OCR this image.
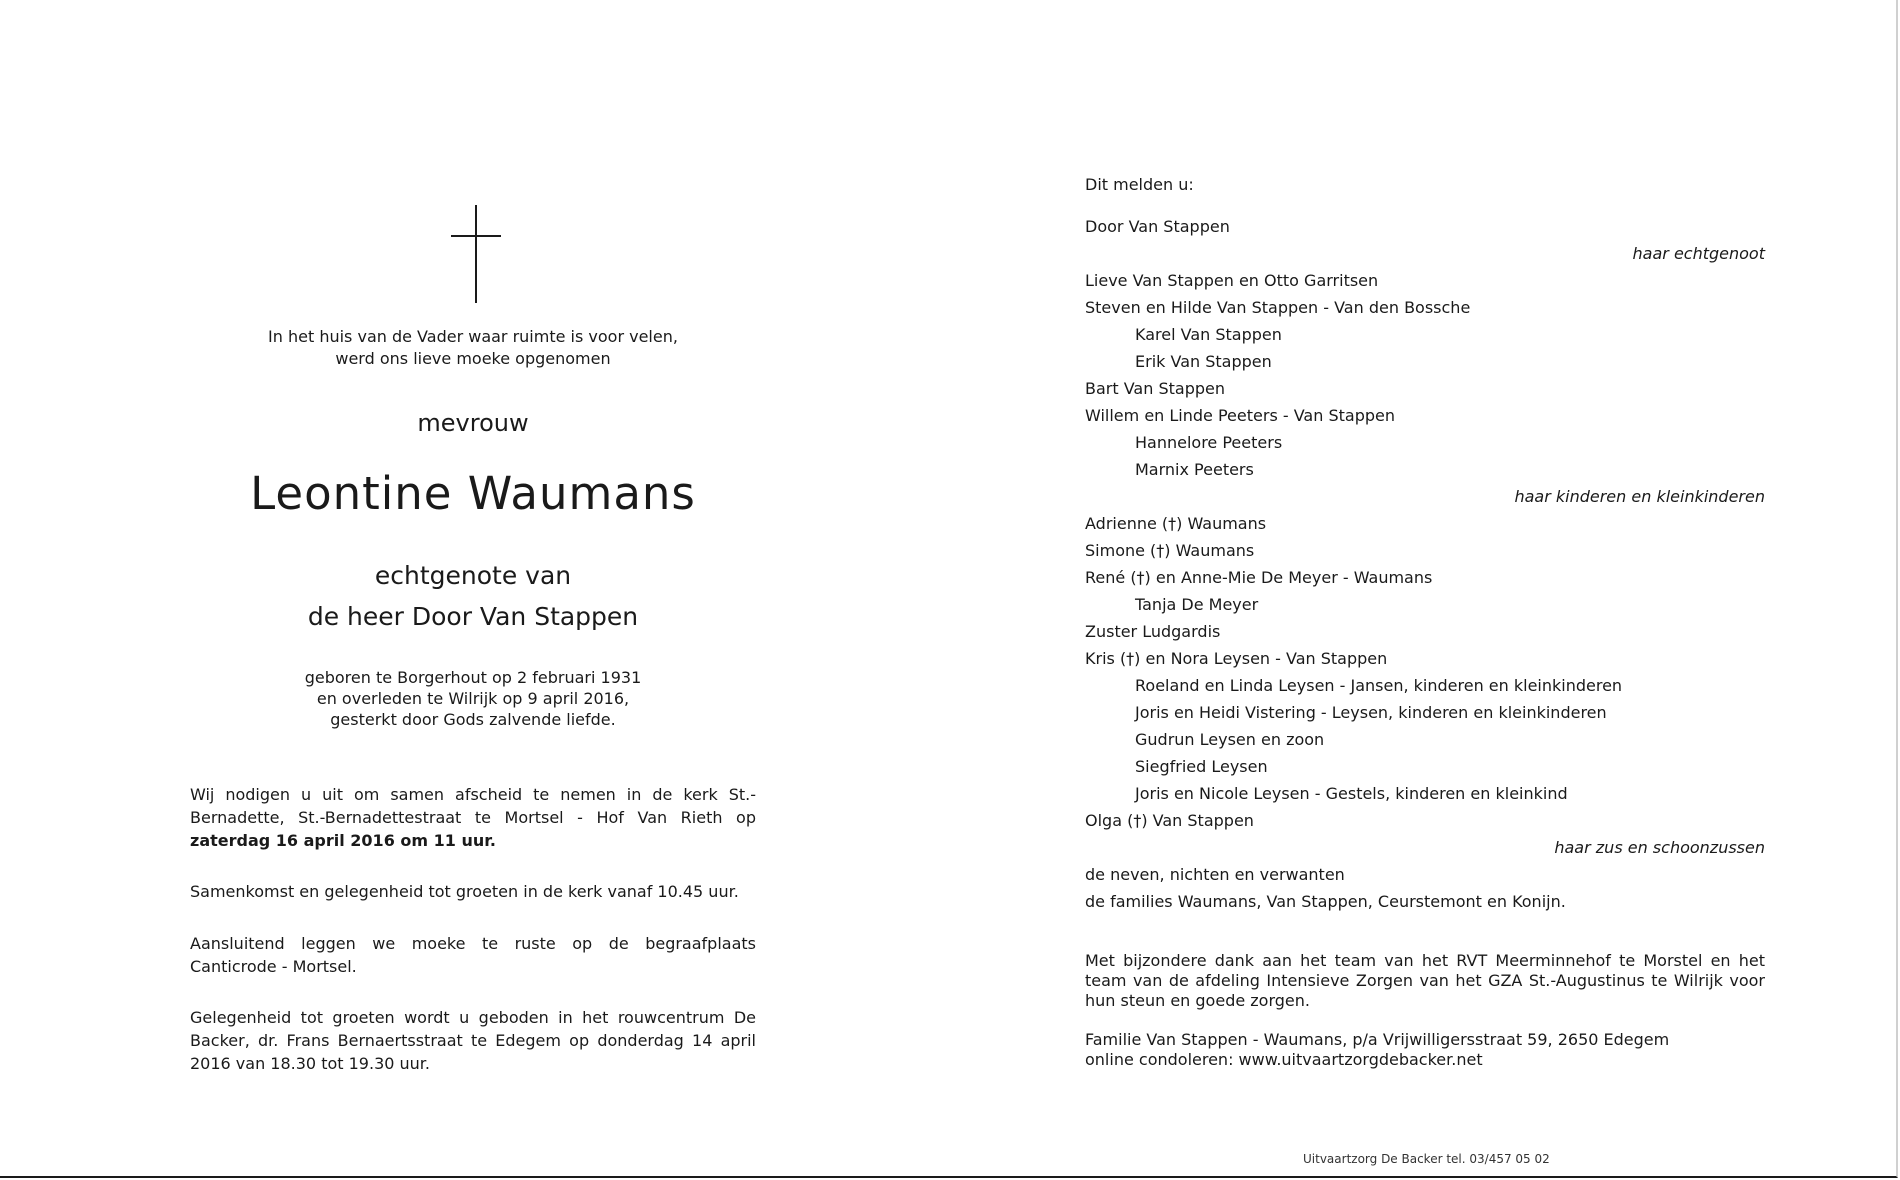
In het huis van de Vader waar ruimte is voor velen,
werd ons lieve moeke opgenomen
mevrouw
Leontine Waumans
echtgenote van
de heer Door Van Stappen
geboren te Borgerhout op 2 februari 1931
en overleden te Wilrijk op 9 april 2016,
gesterkt door Gods zalvende liefde.
Wij nodigen u uit om samen afscheid te nemen in de kerk St.-Bernadette, St.-Bernadettestraat te Mortsel - Hof Van Rieth op zaterdag 16 april 2016 om 11 uur.
Samenkomst en gelegenheid tot groeten in de kerk vanaf 10.45 uur.
Aansluitend leggen we moeke te ruste op de begraafplaats Canticrode - Mortsel.
Gelegenheid tot groeten wordt u geboden in het rouwcentrum De Backer, dr. Frans Bernaertsstraat te Edegem op donderdag 14 april 2016 van 18.30 tot 19.30 uur.
Dit melden u:
Door Van Stappen
haar echtgenoot
Lieve Van Stappen en Otto Garritsen
Steven en Hilde Van Stappen - Van den Bossche
Karel Van Stappen
Erik Van Stappen
Bart Van Stappen
Willem en Linde Peeters - Van Stappen
Hannelore Peeters
Marnix Peeters
haar kinderen en kleinkinderen
Adrienne (†) Waumans
Simone (†) Waumans
René (†) en Anne-Mie De Meyer - Waumans
Tanja De Meyer
Zuster Ludgardis
Kris (†) en Nora Leysen - Van Stappen
Roeland en Linda Leysen - Jansen, kinderen en kleinkinderen
Joris en Heidi Vistering - Leysen, kinderen en kleinkinderen
Gudrun Leysen en zoon
Siegfried Leysen
Joris en Nicole Leysen - Gestels, kinderen en kleinkind
Olga (†) Van Stappen
haar zus en schoonzussen
de neven, nichten en verwanten
de families Waumans, Van Stappen, Ceurstemont en Konijn.
Met bijzondere dank aan het team van het RVT Meerminnehof te Morstel en het team van de afdeling Intensieve Zorgen van het GZA St.-Augustinus te Wilrijk voor hun steun en goede zorgen.
Familie Van Stappen - Waumans, p/a Vrijwilligersstraat 59, 2650 Edegem
online condoleren: www.uitvaartzorgdebacker.net
Uitvaartzorg De Backer tel. 03/457 05 02
